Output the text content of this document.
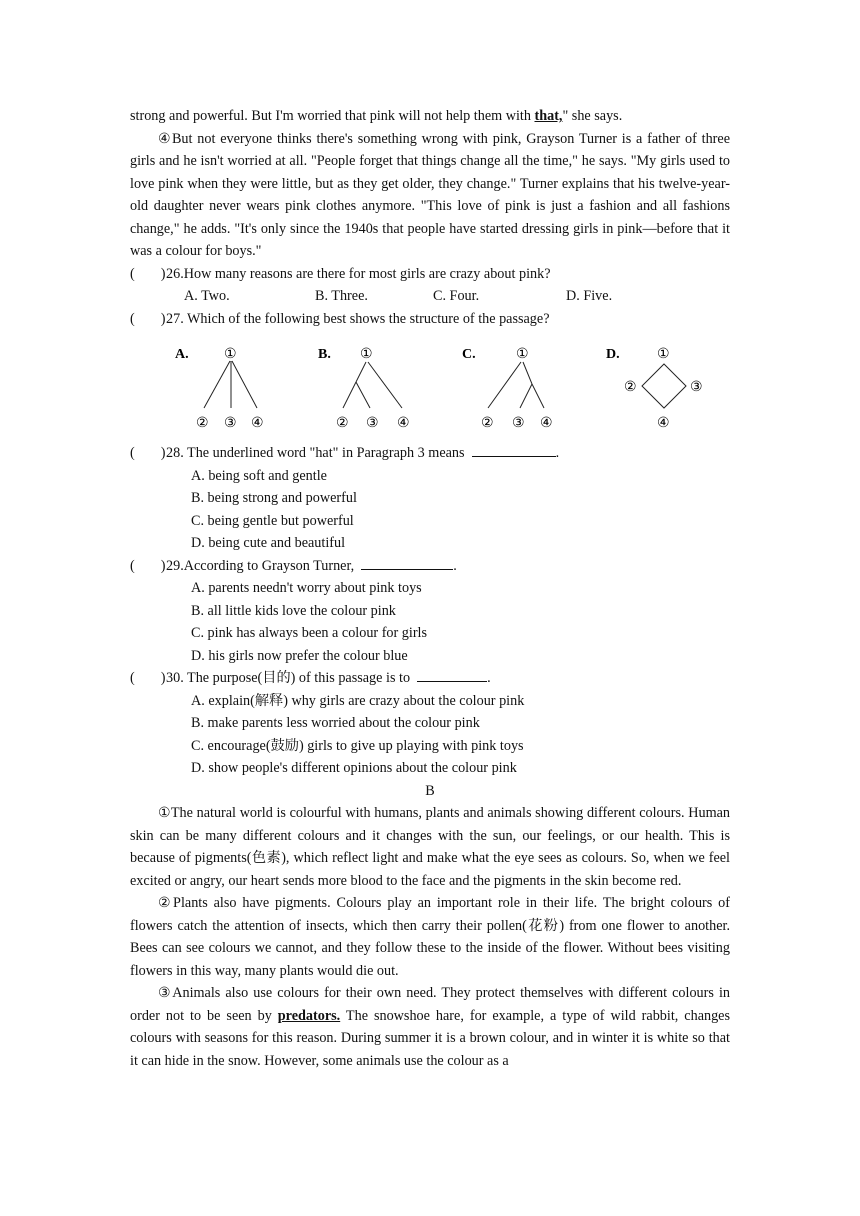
strong and powerful. But I'm worried that pink will not help them with that," she says.

④But not everyone thinks there's something wrong with pink, Grayson Turner is a father of three girls and he isn't worried at all. "People forget that things change all the time," he says. "My girls used to love pink when they were little, but as they get older, they change." Turner explains that his twelve-year-old daughter never wears pink clothes anymore. "This love of pink is just a fashion and all fashions change," he adds. "It's only since the 1940s that people have started dressing girls in pink—before that it was a colour for boys."

( )26.How many reasons are there for most girls are crazy about pink?

A. Two.	B. Three.	C. Four.	D. Five.

( )27. Which of the following best shows the structure of the passage?

A.	①
② ③ ④
B. ①
② ③ ④
C.	①
② ③ ④
D.	①
②	③
④

( )28. The underlined word "hat" in Paragraph 3 means	.

A. being soft and gentle

B. being strong and powerful

C. being gentle but powerful

D. being cute and beautiful

( )29.According to Grayson Turner,	.

A. parents needn't worry about pink toys

B. all little kids love the colour pink

C. pink has always been a colour for girls

D. his girls now prefer the colour blue

( )30. The purpose(目的) of this passage is to	.

A. explain(解释) why girls are crazy about the colour pink

B. make parents less worried about the colour pink

C. encourage(鼓励) girls to give up playing with pink toys

D. show people's different opinions about the colour pink

B

①The natural world is colourful with humans, plants and animals showing different colours. Human skin can be many different colours and it changes with the sun, our feelings, or our health. This is because of pigments(色素), which reflect light and make what the eye sees as colours. So, when we feel excited or angry, our heart sends more blood to the face and the pigments in the skin become red.

②Plants also have pigments. Colours play an important role in their life. The bright colours of flowers catch the attention of insects, which then carry their pollen(花粉) from one flower to another. Bees can see colours we cannot, and they follow these to the inside of the flower. Without bees visiting flowers in this way, many plants would die out.

③Animals also use colours for their own need. They protect themselves with different colours in order not to be seen by predators. The snowshoe hare, for example, a type of wild rabbit, changes colours with seasons for this reason. During summer it is a brown colour, and in winter it is white so that it can hide in the snow. However, some animals use the colour as a
